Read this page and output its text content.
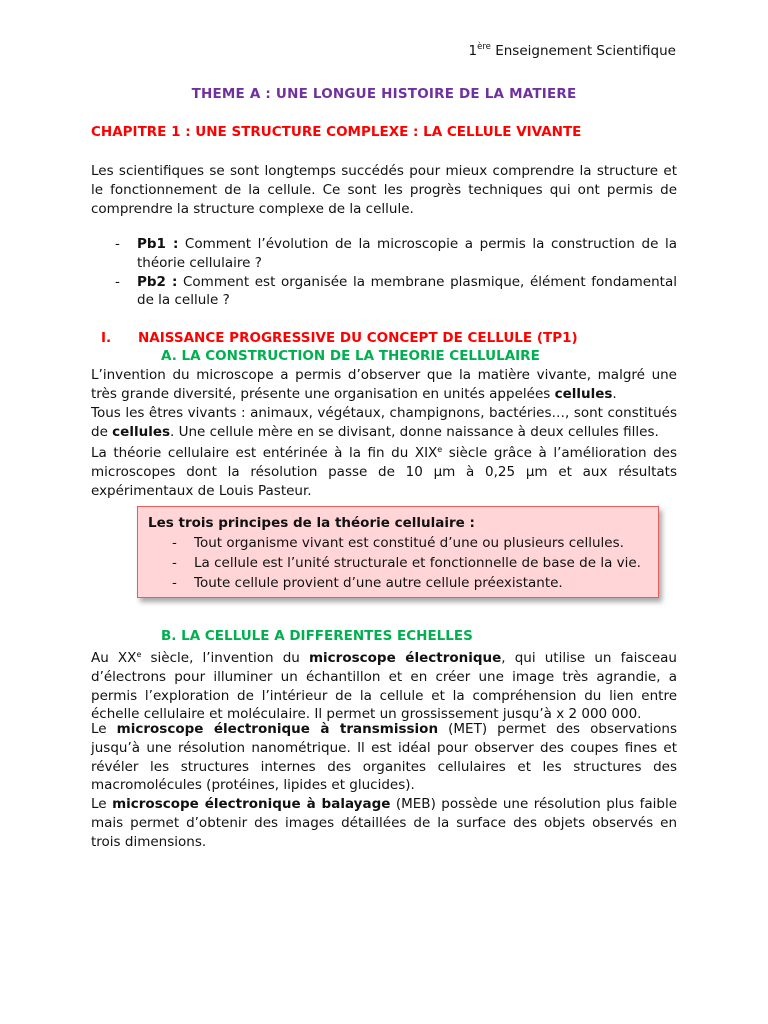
1ère Enseignement Scientifique
THEME A : UNE LONGUE HISTOIRE DE LA MATIERE
CHAPITRE 1 : UNE STRUCTURE COMPLEXE : LA CELLULE VIVANTE
Les scientifiques se sont longtemps succédés pour mieux comprendre la structure et le fonctionnement de la cellule. Ce sont les progrès techniques qui ont permis de comprendre la structure complexe de la cellule.
- Pb1 : Comment l’évolution de la microscopie a permis la construction de la théorie cellulaire ?
- Pb2 : Comment est organisée la membrane plasmique, élément fondamental de la cellule ?
I. NAISSANCE PROGRESSIVE DU CONCEPT DE CELLULE (TP1)
A. LA CONSTRUCTION DE LA THEORIE CELLULAIRE
L’invention du microscope a permis d’observer que la matière vivante, malgré une très grande diversité, présente une organisation en unités appelées cellules.
Tous les êtres vivants : animaux, végétaux, champignons, bactéries…, sont constitués de cellules. Une cellule mère en se divisant, donne naissance à deux cellules filles.
La théorie cellulaire est entérinée à la fin du XIXe siècle grâce à l’amélioration des microscopes dont la résolution passe de 10 µm à 0,25 µm et aux résultats expérimentaux de Louis Pasteur.
Les trois principes de la théorie cellulaire :
- Tout organisme vivant est constitué d’une ou plusieurs cellules.
- La cellule est l’unité structurale et fonctionnelle de base de la vie.
- Toute cellule provient d’une autre cellule préexistante.
B. LA CELLULE A DIFFERENTES ECHELLES
Au XXe siècle, l’invention du microscope électronique, qui utilise un faisceau d’électrons pour illuminer un échantillon et en créer une image très agrandie, a permis l’exploration de l’intérieur de la cellule et la compréhension du lien entre échelle cellulaire et moléculaire. Il permet un grossissement jusqu’à x 2 000 000.
Le microscope électronique à transmission (MET) permet des observations jusqu’à une résolution nanométrique. Il est idéal pour observer des coupes fines et révéler les structures internes des organites cellulaires et les structures des macromolécules (protéines, lipides et glucides).
Le microscope électronique à balayage (MEB) possède une résolution plus faible mais permet d’obtenir des images détaillées de la surface des objets observés en trois dimensions.
